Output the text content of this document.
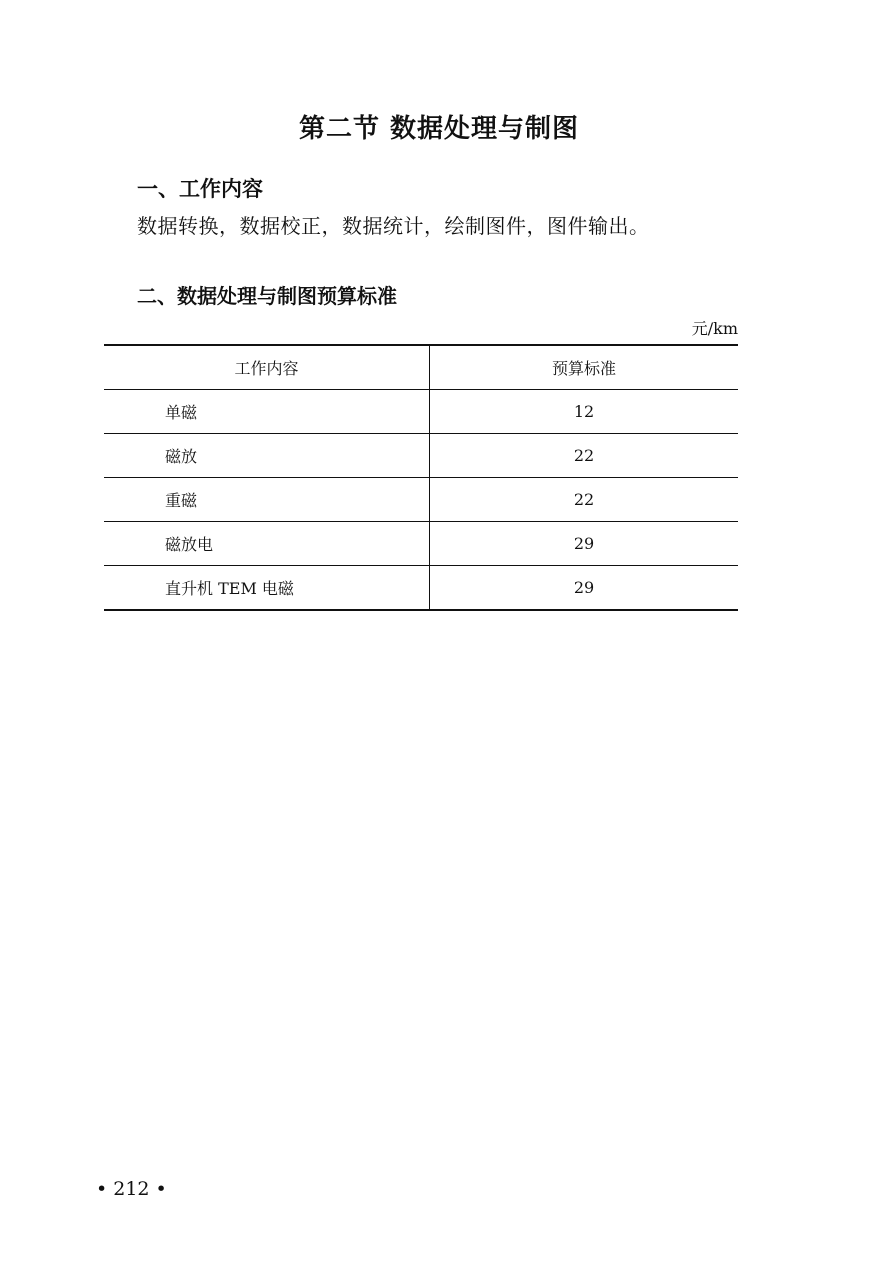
第二节 数据处理与制图
一、工作内容
数据转换，数据校正，数据统计，绘制图件，图件输出。
二、数据处理与制图预算标准
元/km
工作内容	预算标准
单磁	12
磁放	22
重磁	22
磁放电	29
直升机 TEM 电磁	29
• 212 •
